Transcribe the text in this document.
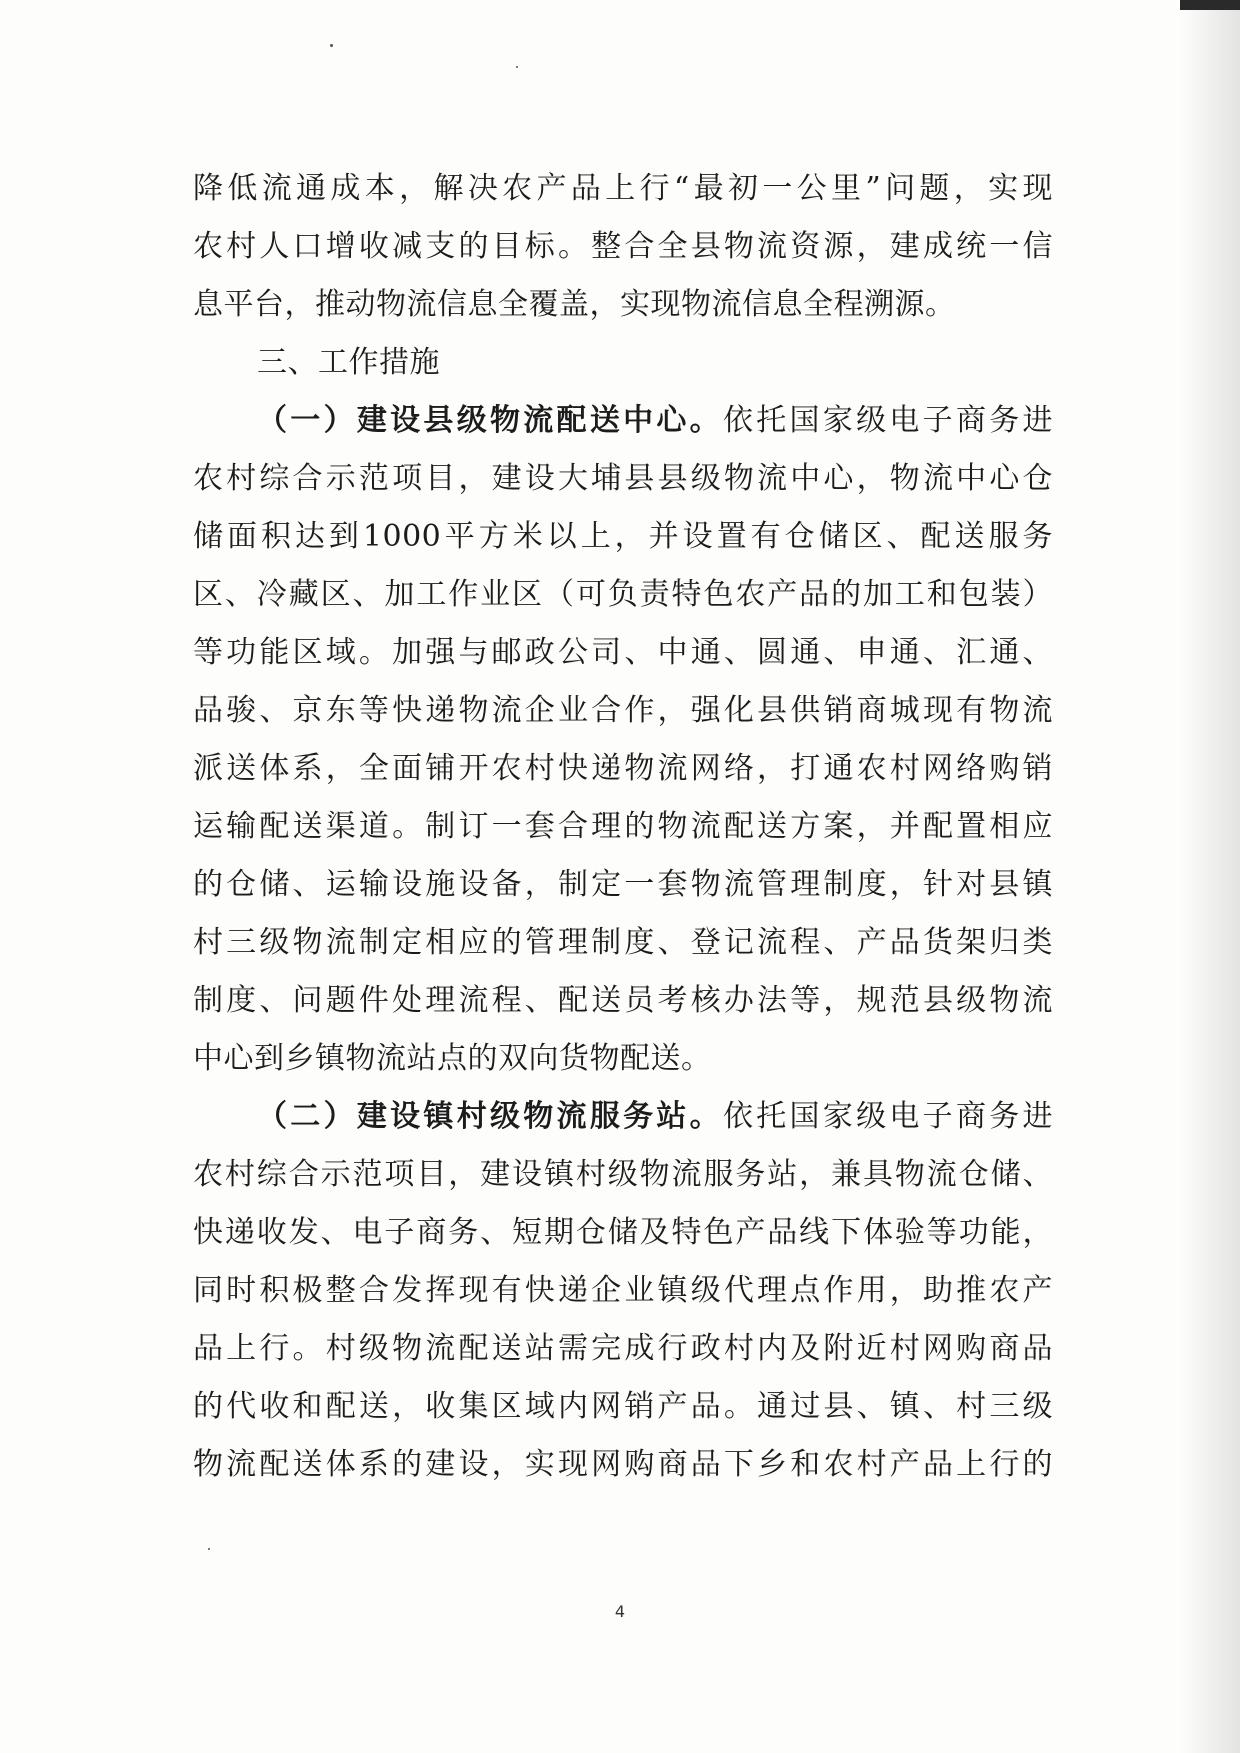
降低流通成本，解决农产品上行“最初一公里”问题，实现
农村人口增收减支的目标。整合全县物流资源，建成统一信
息平台，推动物流信息全覆盖，实现物流信息全程溯源。
三、工作措施
（一）建设县级物流配送中心。依托国家级电子商务进
农村综合示范项目，建设大埔县县级物流中心，物流中心仓
储面积达到1000平方米以上，并设置有仓储区、配送服务
区、冷藏区、加工作业区（可负责特色农产品的加工和包装）
等功能区域。加强与邮政公司、中通、圆通、申通、汇通、
品骏、京东等快递物流企业合作，强化县供销商城现有物流
派送体系，全面铺开农村快递物流网络，打通农村网络购销
运输配送渠道。制订一套合理的物流配送方案，并配置相应
的仓储、运输设施设备，制定一套物流管理制度，针对县镇
村三级物流制定相应的管理制度、登记流程、产品货架归类
制度、问题件处理流程、配送员考核办法等，规范县级物流
中心到乡镇物流站点的双向货物配送。
（二）建设镇村级物流服务站。依托国家级电子商务进
农村综合示范项目，建设镇村级物流服务站，兼具物流仓储、
快递收发、电子商务、短期仓储及特色产品线下体验等功能，
同时积极整合发挥现有快递企业镇级代理点作用，助推农产
品上行。村级物流配送站需完成行政村内及附近村网购商品
的代收和配送，收集区域内网销产品。通过县、镇、村三级
物流配送体系的建设，实现网购商品下乡和农村产品上行的
4
